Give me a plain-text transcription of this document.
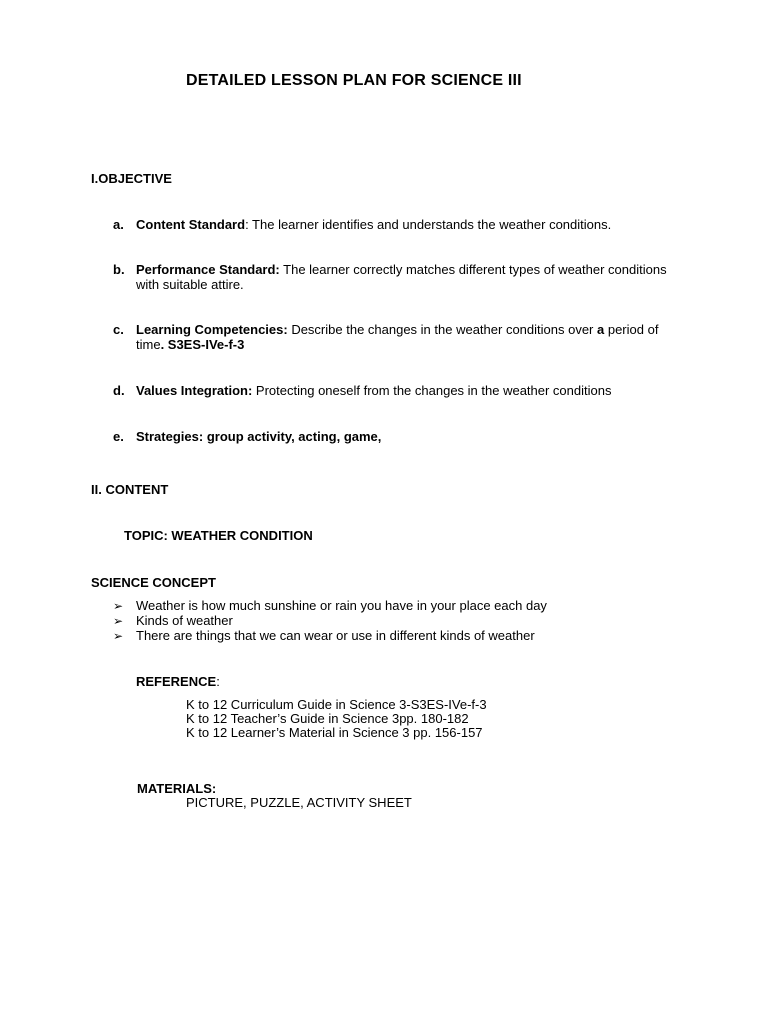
DETAILED LESSON PLAN FOR SCIENCE III
I.OBJECTIVE
a. Content Standard: The learner identifies and understands the weather conditions.
b. Performance Standard: The learner correctly matches different types of weather conditions with suitable attire.
c. Learning Competencies: Describe the changes in the weather conditions over a period of time. S3ES-IVe-f-3
d. Values Integration: Protecting oneself from the changes in the weather conditions
e. Strategies: group activity, acting, game,
II. CONTENT
TOPIC: WEATHER CONDITION
SCIENCE CONCEPT
➢ Weather is how much sunshine or rain you have in your place each day
➢ Kinds of weather
➢ There are things that we can wear or use in different kinds of weather
REFERENCE:
K to 12 Curriculum Guide in Science 3-S3ES-IVe-f-3
K to 12 Teacher’s Guide in Science 3pp. 180-182
K to 12 Learner’s Material in Science 3 pp. 156-157
MATERIALS:
PICTURE, PUZZLE, ACTIVITY SHEET
